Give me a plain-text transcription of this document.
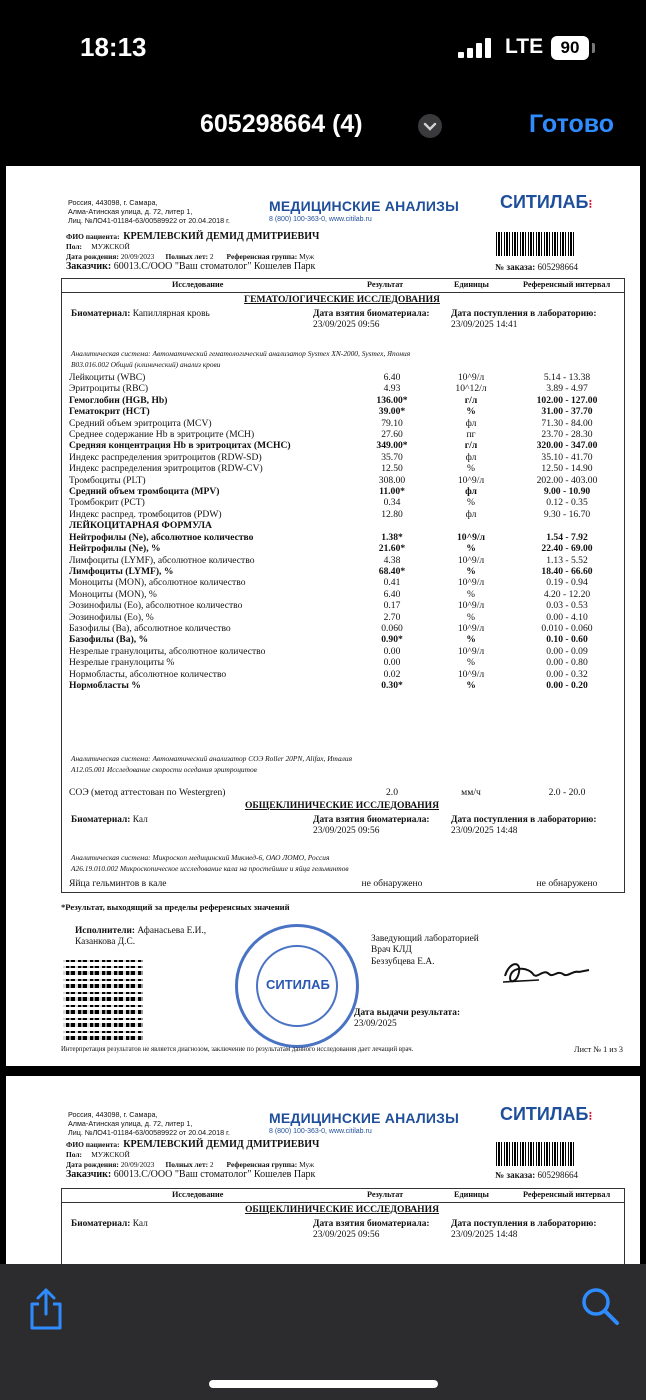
18:13	LTE	90
605298664 (4)	Готово
Россия, 443098, г. Самара,
Алма-Атинская улица, д. 72, литер 1,
Лиц. №ЛО41-01184-63/00589922 от 20.04.2018 г.
МЕДИЦИНСКИЕ АНАЛИЗЫ
8 (800) 100-363-0, www.citilab.ru
СИТИЛАБ⁝
ФИО пациента: КРЕМЛЕВСКИЙ ДЕМИД ДМИТРИЕВИЧ
Пол: МУЖСКОЙ
Дата рождения: 20/09/2023 Полных лет: 2 Референсная группа: Муж
Заказчик: 60013.С/ООО "Ваш стоматолог" Кошелев Парк	№ заказа: 605298664
Исследование	Результат	Единицы	Референсный интервал
ГЕМАТОЛОГИЧЕСКИЕ ИССЛЕДОВАНИЯ
Биоматериал: Капиллярная кровь	Дата взятия биоматериала:
23/09/2025 09:56
Дата поступления в лабораторию:
23/09/2025 14:41
Аналитическая система: Автоматический гематологический анализатор Sysmex XN-2000, Sysmex, Япония
B03.016.002 Общий (клинический) анализ крови
Лейкоциты (WBC)	6.40	10^9/л	5.14 - 13.38
Эритроциты (RBC)	4.93	10^12/л	3.89 - 4.97
Гемоглобин (HGB, Hb)	136.00*	г/л	102.00 - 127.00
Гематокрит (HCT)	39.00*	%	31.00 - 37.70
Средний объем эритроцита (MCV)	79.10	фл	71.30 - 84.00
Среднее содержание Hb в эритроците (MCH)	27.60	пг	23.70 - 28.30
Средняя концентрация Hb в эритроцитах (MCHC)	349.00*	г/л	320.00 - 347.00
Индекс распределения эритроцитов (RDW-SD)	35.70	фл	35.10 - 41.70
Индекс распределения эритроцитов (RDW-CV)	12.50	%	12.50 - 14.90
Тромбоциты (PLT)	308.00	10^9/л	202.00 - 403.00
Средний объем тромбоцита (MPV)	11.00*	фл	9.00 - 10.90
Тромбокрит (PCT)	0.34	%	0.12 - 0.35
Индекс распред. тромбоцитов (PDW)	12.80	фл	9.30 - 16.70
ЛЕЙКОЦИТАРНАЯ ФОРМУЛА			
Нейтрофилы (Ne), абсолютное количество	1.38*	10^9/л	1.54 - 7.92
Нейтрофилы (Ne), %	21.60*	%	22.40 - 69.00
Лимфоциты (LYMF), абсолютное количество	4.38	10^9/л	1.13 - 5.52
Лимфоциты (LYMF), %	68.40*	%	18.40 - 66.60
Моноциты (MON), абсолютное количество	0.41	10^9/л	0.19 - 0.94
Моноциты (MON), %	6.40	%	4.20 - 12.20
Эозинофилы (Eo), абсолютное количество	0.17	10^9/л	0.03 - 0.53
Эозинофилы (Eo), %	2.70	%	0.00 - 4.10
Базофилы (Ba), абсолютное количество	0.060	10^9/л	0.010 - 0.060
Базофилы (Ba), %	0.90*	%	0.10 - 0.60
Незрелые гранулоциты, абсолютное количество	0.00	10^9/л	0.00 - 0.09
Незрелые гранулоциты %	0.00	%	0.00 - 0.80
Нормобласты, абсолютное количество	0.02	10^9/л	0.00 - 0.32
Нормобласты %	0.30*	%	0.00 - 0.20
Аналитическая система: Автоматический анализатор СОЭ Roller 20PN, Alifax, Италия
A12.05.001 Исследование скорости оседания эритроцитов
СОЭ (метод аттестован по Westergren)	2.0	мм/ч	2.0 - 20.0
ОБЩЕКЛИНИЧЕСКИЕ ИССЛЕДОВАНИЯ
Биоматериал: Кал	Дата взятия биоматериала:
23/09/2025 09:56
Дата поступления в лабораторию:
23/09/2025 14:48
Аналитическая система: Микроскоп медицинский Микмед-6, ОАО ЛОМО, Россия
A26.19.010.002 Микроскопическое исследование кала на простейшие и яйца гельминтов
Яйца гельминтов в кале	не обнаружено		не обнаружено
*Результат, выходящий за пределы референсных значений
Исполнители: Афанасьева Е.И.,
Казанкова Д.С.
СИТИЛАБ
Заведующий лабораторией
Врач КЛД
Беззубцева Е.А.
Дата выдачи результата:
23/09/2025
Интерпретация результатов не является диагнозом, заключение по результатам данного исследования дает лечащий врач.	Лист № 1 из 3
Россия, 443098, г. Самара,
Алма-Атинская улица, д. 72, литер 1,
Лиц. №ЛО41-01184-63/00589922 от 20.04.2018 г.
МЕДИЦИНСКИЕ АНАЛИЗЫ
8 (800) 100-363-0, www.citilab.ru
СИТИЛАБ⁝
ФИО пациента: КРЕМЛЕВСКИЙ ДЕМИД ДМИТРИЕВИЧ
Пол: МУЖСКОЙ
Дата рождения: 20/09/2023 Полных лет: 2 Референсная группа: Муж
Заказчик: 60013.С/ООО "Ваш стоматолог" Кошелев Парк	№ заказа: 605298664
Исследование	Результат	Единицы	Референсный интервал
ОБЩЕКЛИНИЧЕСКИЕ ИССЛЕДОВАНИЯ
Биоматериал: Кал	Дата взятия биоматериала:
23/09/2025 09:56
Дата поступления в лабораторию:
23/09/2025 14:48
